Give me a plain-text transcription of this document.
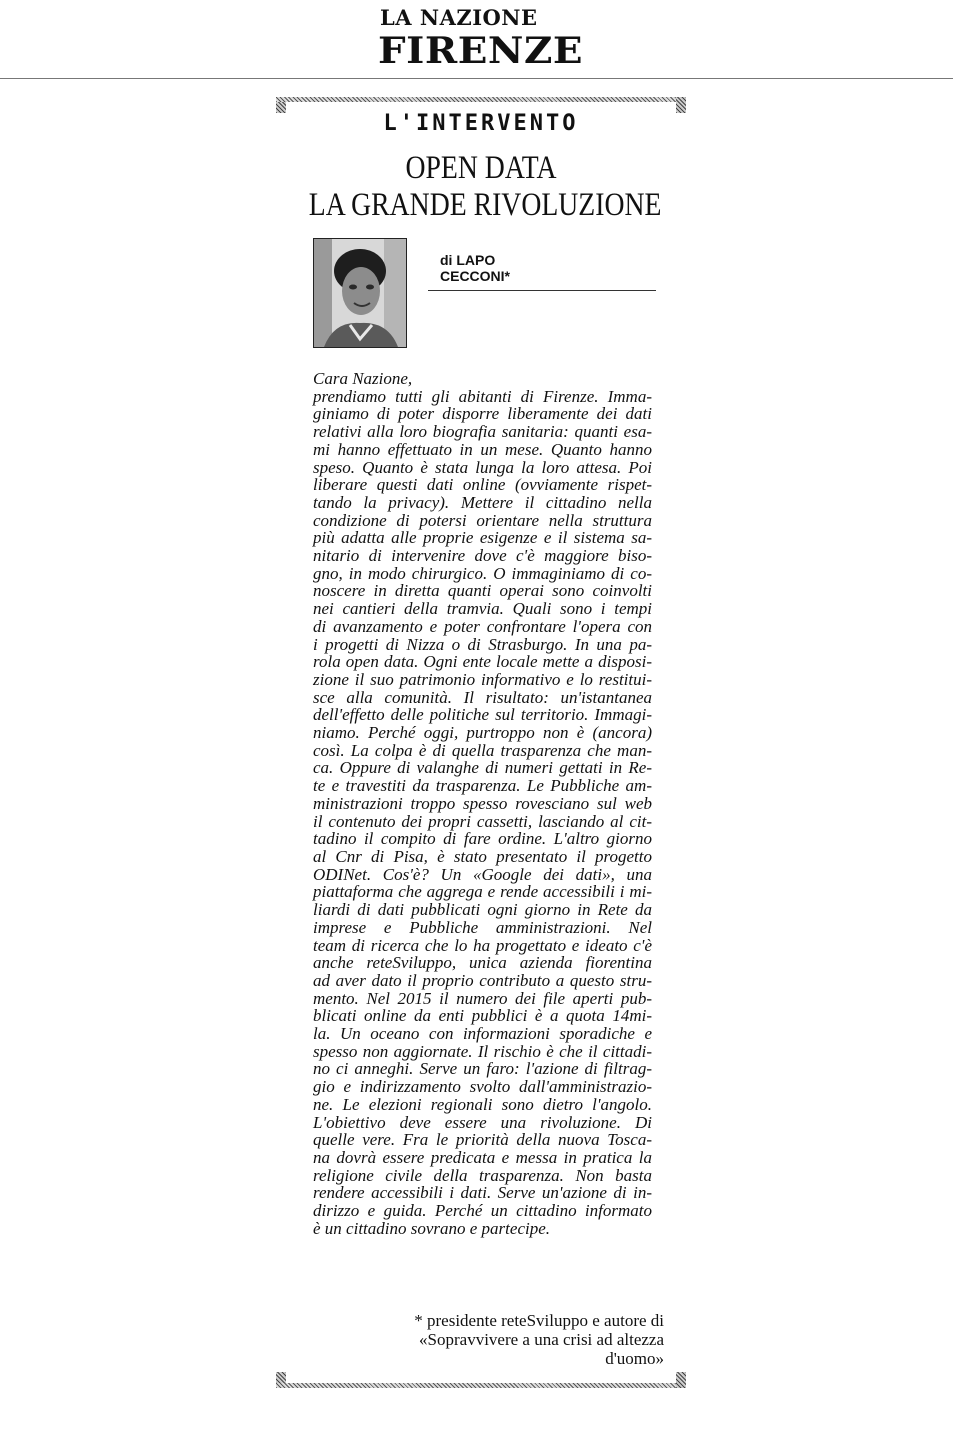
LA NAZIONE
FIRENZE
L'INTERVENTO
OPEN DATA
LA GRANDE RIVOLUZIONE
di LAPO
CECCONI*
Cara Nazione,
prendiamo tutti gli abitanti di Firenze. Imma-
giniamo di poter disporre liberamente dei dati
relativi alla loro biografia sanitaria: quanti esa-
mi hanno effettuato in un mese. Quanto hanno
speso. Quanto è stata lunga la loro attesa. Poi
liberare questi dati online (ovviamente rispet-
tando la privacy). Mettere il cittadino nella
condizione di potersi orientare nella struttura
più adatta alle proprie esigenze e il sistema sa-
nitario di intervenire dove c'è maggiore biso-
gno, in modo chirurgico. O immaginiamo di co-
noscere in diretta quanti operai sono coinvolti
nei cantieri della tramvia. Quali sono i tempi
di avanzamento e poter confrontare l'opera con
i progetti di Nizza o di Strasburgo. In una pa-
rola open data. Ogni ente locale mette a disposi-
zione il suo patrimonio informativo e lo restitui-
sce alla comunità. Il risultato: un'istantanea
dell'effetto delle politiche sul territorio. Immagi-
niamo. Perché oggi, purtroppo non è (ancora)
così. La colpa è di quella trasparenza che man-
ca. Oppure di valanghe di numeri gettati in Re-
te e travestiti da trasparenza. Le Pubbliche am-
ministrazioni troppo spesso rovesciano sul web
il contenuto dei propri cassetti, lasciando al cit-
tadino il compito di fare ordine. L'altro giorno
al Cnr di Pisa, è stato presentato il progetto
ODINet. Cos'è? Un «Google dei dati», una
piattaforma che aggrega e rende accessibili i mi-
liardi di dati pubblicati ogni giorno in Rete da
imprese e Pubbliche amministrazioni. Nel
team di ricerca che lo ha progettato e ideato c'è
anche reteSviluppo, unica azienda fiorentina
ad aver dato il proprio contributo a questo stru-
mento. Nel 2015 il numero dei file aperti pub-
blicati online da enti pubblici è a quota 14mi-
la. Un oceano con informazioni sporadiche e
spesso non aggiornate. Il rischio è che il cittadi-
no ci anneghi. Serve un faro: l'azione di filtrag-
gio e indirizzamento svolto dall'amministrazio-
ne. Le elezioni regionali sono dietro l'angolo.
L'obiettivo deve essere una rivoluzione. Di
quelle vere. Fra le priorità della nuova Tosca-
na dovrà essere predicata e messa in pratica la
religione civile della trasparenza. Non basta
rendere accessibili i dati. Serve un'azione di in-
dirizzo e guida. Perché un cittadino informato
è un cittadino sovrano e partecipe.
* presidente reteSviluppo e autore di
«Sopravvivere a una crisi ad altezza
d'uomo»
